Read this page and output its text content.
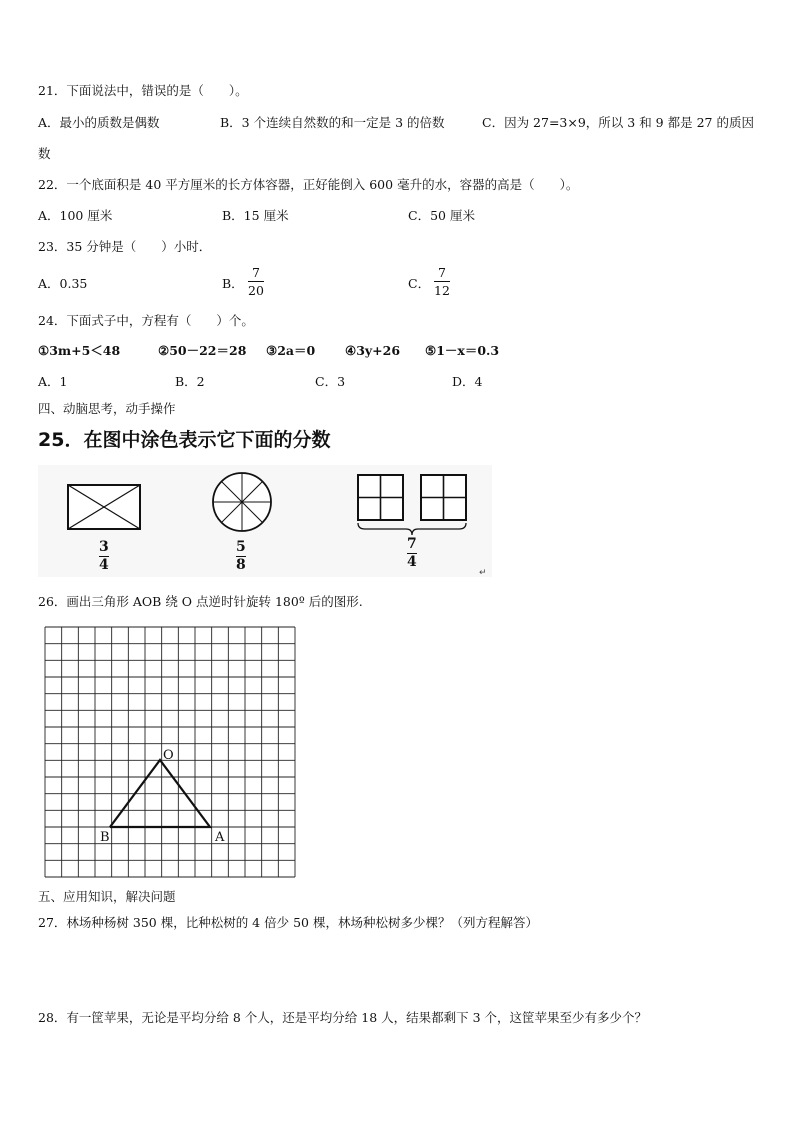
21．下面说法中，错误的是（　　）。
A．最小的质数是偶数	B．3 个连续自然数的和一定是 3 的倍数	C．因为 27=3×9，所以 3 和 9 都是 27 的质因
数
22．一个底面积是 40 平方厘米的长方体容器，正好能倒入 600 毫升的水，容器的高是（　　）。
A．100 厘米	B．15 厘米	C．50 厘米
23．35 分钟是（　　）小时．
A．0.35	B．
7
20	C．
7
12
24．下面式子中，方程有（　　）个。
①3m+5＜48	②50－22＝28 ③2a＝0 ④3y+26 ⑤1－x＝0.3
A．1	B．2	C．3	D．4
四、动脑思考，动手操作
25．在图中涂色表示它下面的分数
↵
3
4
5
8
7
4
26．画出三角形 AOB 绕 O 点逆时针旋转 180º 后的图形.
O
A
B
五、应用知识，解决问题
27．林场种杨树 350 棵，比种松树的 4 倍少 50 棵，林场种松树多少棵？（列方程解答）
28．有一筐苹果，无论是平均分给 8 个人，还是平均分给 18 人，结果都剩下 3 个，这筐苹果至少有多少个？
